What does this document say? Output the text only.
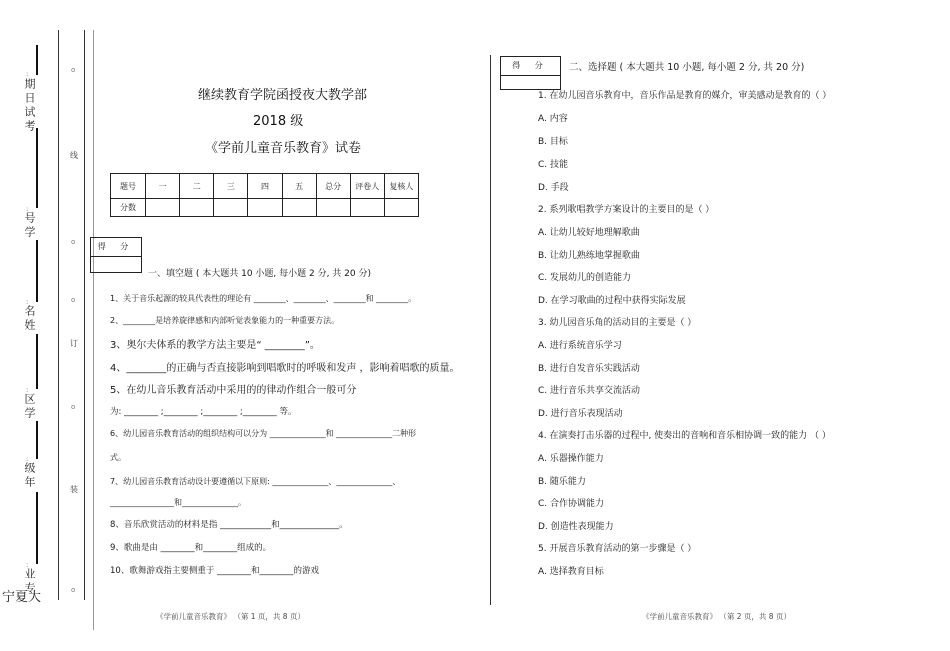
期日试考
号学
名姓
区学
级年
业专
宁夏大
:
:
:
:
:
:
线
订
装
o
o
o
o
o
继续教育学院函授夜大教学部
2018 级
《学前儿童音乐教育》试卷
题号	一	二	三	四	五	总分	评卷人	复核人
分数								
得 分
一、填空题 ( 本大题共 10 小题, 每小题 2 分, 共 20 分)
1、关于音乐起源的较具代表性的理论有 ________、________、________和 ________。
2、________是培养旋律感和内部听觉表象能力的一种重要方法。
3、奥尔夫体系的教学方法主要是“ ________”。
4、________的正确与否直接影响到唱歌时的呼吸和发声 ，影响着唱歌的质量。
5、在幼儿音乐教育活动中采用的的律动作组合一般可分
为: ________ ;________ ;________ ;________ 等。
6、幼儿园音乐教育活动的组织结构可以分为 ______________和 ______________二种形
式。
7、幼儿园音乐教育活动设计要遵循以下原则: ______________、______________、
________________和______________。
8、音乐欣赏活动的材料是指 ____________和______________。
9、歌曲是由 ________和________组成的。
10、歌舞游戏指主要侧重于 ________和________的游戏
《学前儿童音乐教育》 （第 1 页，共 8 页）
得 分	二、选择题 ( 本大题共 10 小题, 每小题 2 分, 共 20 分)
1. 在幼儿园音乐教育中，音乐作品是教育的媒介，审美感动是教育的（ ）
A. 内容
B. 目标
C. 技能
D. 手段
2. 系列歌唱教学方案设计的主要目的是（ ）
A. 让幼儿较好地理解歌曲
B. 让幼儿熟练地掌握歌曲
C. 发展幼儿的创造能力
D. 在学习歌曲的过程中获得实际发展
3. 幼儿园音乐角的活动目的主要是（ ）
A. 进行系统音乐学习
B. 进行自发音乐实践活动
C. 进行音乐共享交流活动
D. 进行音乐表现活动
4. 在演奏打击乐器的过程中, 使奏出的音响和音乐相协调一致的能力 （ ）
A. 乐器操作能力
B. 随乐能力
C. 合作协调能力
D. 创造性表现能力
5. 开展音乐教育活动的第一步骤是（ ）
A. 选择教育目标
《学前儿童音乐教育》 （第 2 页，共 8 页）
